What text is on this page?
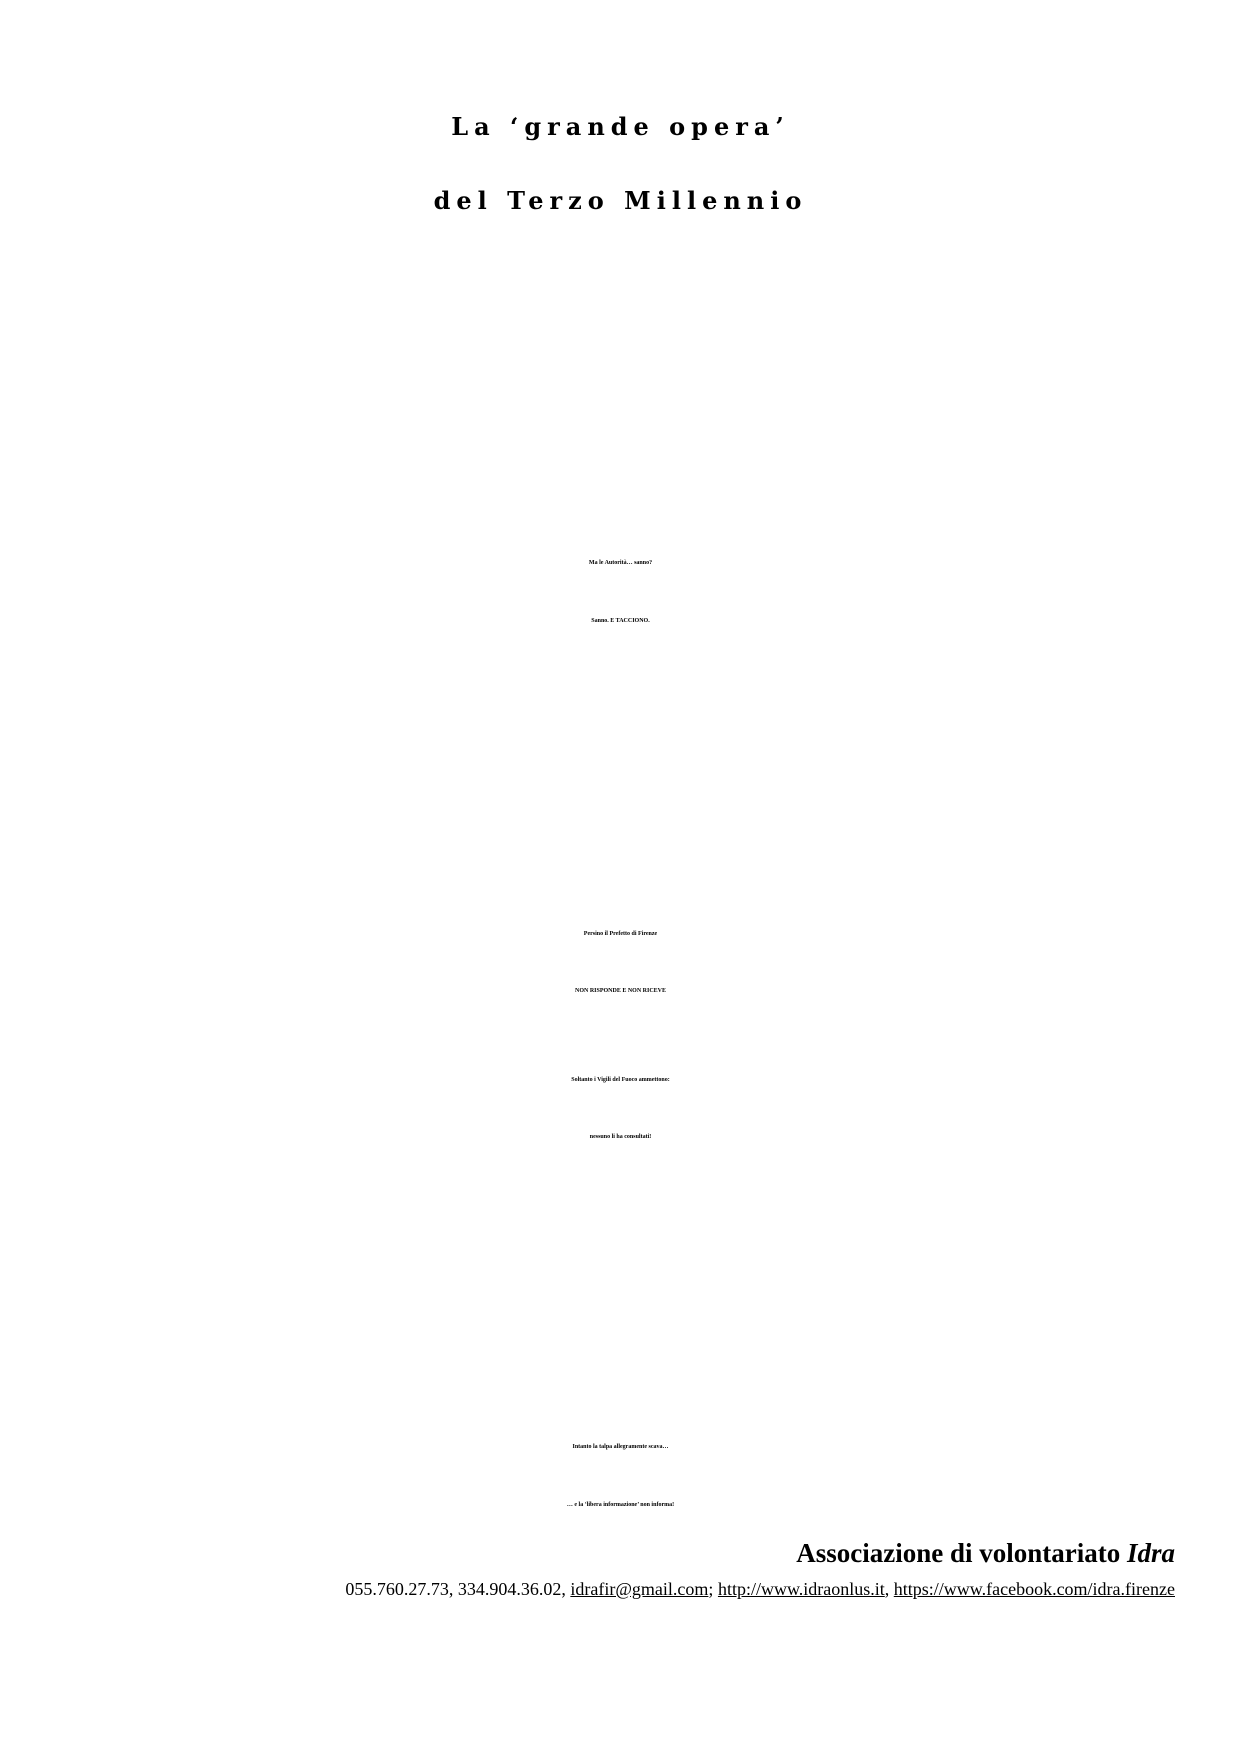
La ‘grande opera’
del Terzo Millennio
Ma le Autorità… sanno?
Sanno. E TACCIONO.
Persino il Prefetto di Firenze
NON RISPONDE E NON RICEVE
Soltanto i Vigili del Fuoco ammettono:
nessuno li ha consultati!
Intanto la talpa allegramente scava…
… e la ‘libera informazione’ non informa!
Associazione di volontariato Idra
055.760.27.73, 334.904.36.02, idrafir@gmail.com; http://www.idraonlus.it, https://www.facebook.com/idra.firenze
